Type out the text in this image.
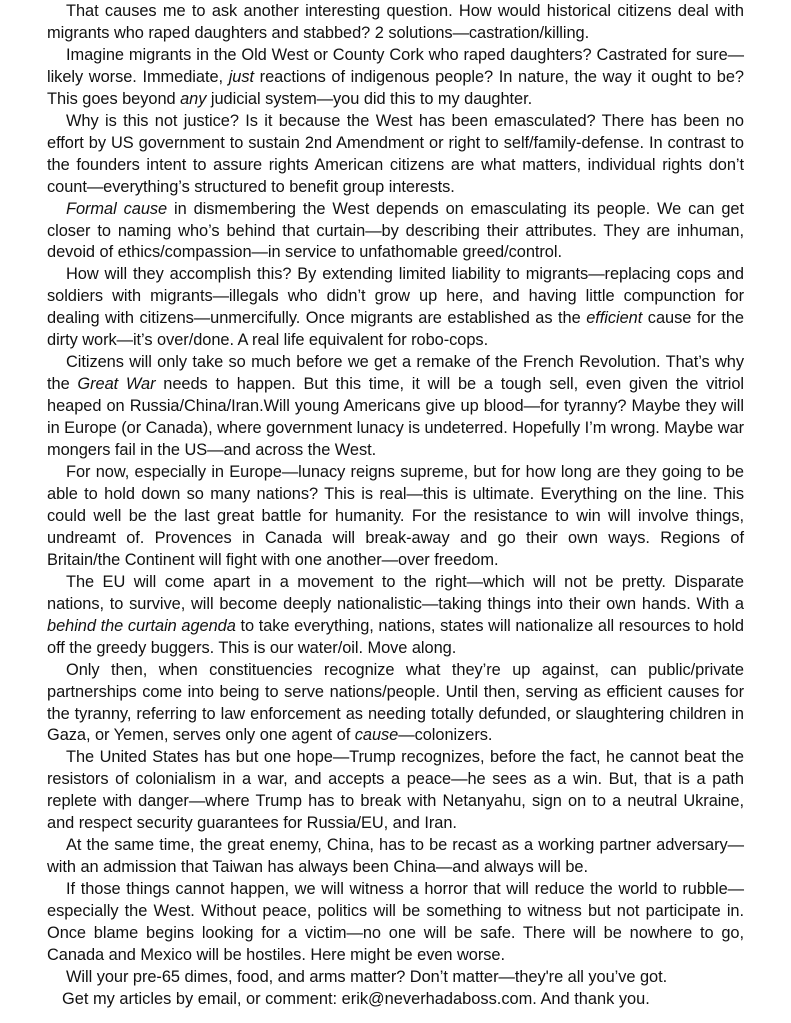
That causes me to ask another interesting question. How would historical citizens deal with migrants who raped daughters and stabbed? 2 solutions—castration/killing.

Imagine migrants in the Old West or County Cork who raped daughters? Castrated for sure—likely worse. Immediate, just reactions of indigenous people? In nature, the way it ought to be? This goes beyond any judicial system—you did this to my daughter.

Why is this not justice? Is it because the West has been emasculated? There has been no effort by US government to sustain 2nd Amendment or right to self/family-defense. In contrast to the founders intent to assure rights American citizens are what matters, individual rights don’t count—everything’s structured to benefit group interests.

Formal cause in dismembering the West depends on emasculating its people. We can get closer to naming who’s behind that curtain—by describing their attributes. They are inhuman, devoid of ethics/compassion—in service to unfathomable greed/control.

How will they accomplish this? By extending limited liability to migrants—replacing cops and soldiers with migrants—illegals who didn’t grow up here, and having little compunction for dealing with citizens—unmercifully. Once migrants are established as the efficient cause for the dirty work—it’s over/done. A real life equivalent for robo-cops.

Citizens will only take so much before we get a remake of the French Revolution. That’s why the Great War needs to happen. But this time, it will be a tough sell, even given the vitriol heaped on Russia/China/Iran.Will young Americans give up blood—for tyranny? Maybe they will in Europe (or Canada), where government lunacy is undeterred. Hopefully I’m wrong. Maybe war mongers fail in the US—and across the West.

For now, especially in Europe—lunacy reigns supreme, but for how long are they going to be able to hold down so many nations? This is real—this is ultimate. Everything on the line. This could well be the last great battle for humanity. For the resistance to win will involve things, undreamt of. Provences in Canada will break-away and go their own ways. Regions of Britain/the Continent will fight with one another—over freedom.

The EU will come apart in a movement to the right—which will not be pretty. Disparate nations, to survive, will become deeply nationalistic—taking things into their own hands. With a behind the curtain agenda to take everything, nations, states will nationalize all resources to hold off the greedy buggers. This is our water/oil. Move along.

Only then, when constituencies recognize what they’re up against, can public/private partnerships come into being to serve nations/people. Until then, serving as efficient causes for the tyranny, referring to law enforcement as needing totally defunded, or slaughtering children in Gaza, or Yemen, serves only one agent of cause—colonizers.

The United States has but one hope—Trump recognizes, before the fact, he cannot beat the resistors of colonialism in a war, and accepts a peace—he sees as a win. But, that is a path replete with danger—where Trump has to break with Netanyahu, sign on to a neutral Ukraine, and respect security guarantees for Russia/EU, and Iran.

At the same time, the great enemy, China, has to be recast as a working partner adversary—with an admission that Taiwan has always been China—and always will be.

If those things cannot happen, we will witness a horror that will reduce the world to rubble—especially the West. Without peace, politics will be something to witness but not participate in. Once blame begins looking for a victim—no one will be safe. There will be nowhere to go, Canada and Mexico will be hostiles. Here might be even worse.

Will your pre-65 dimes, food, and arms matter? Don’t matter—they're all you’ve got.

Get my articles by email, or comment: erik@neverhadaboss.com. And thank you.
